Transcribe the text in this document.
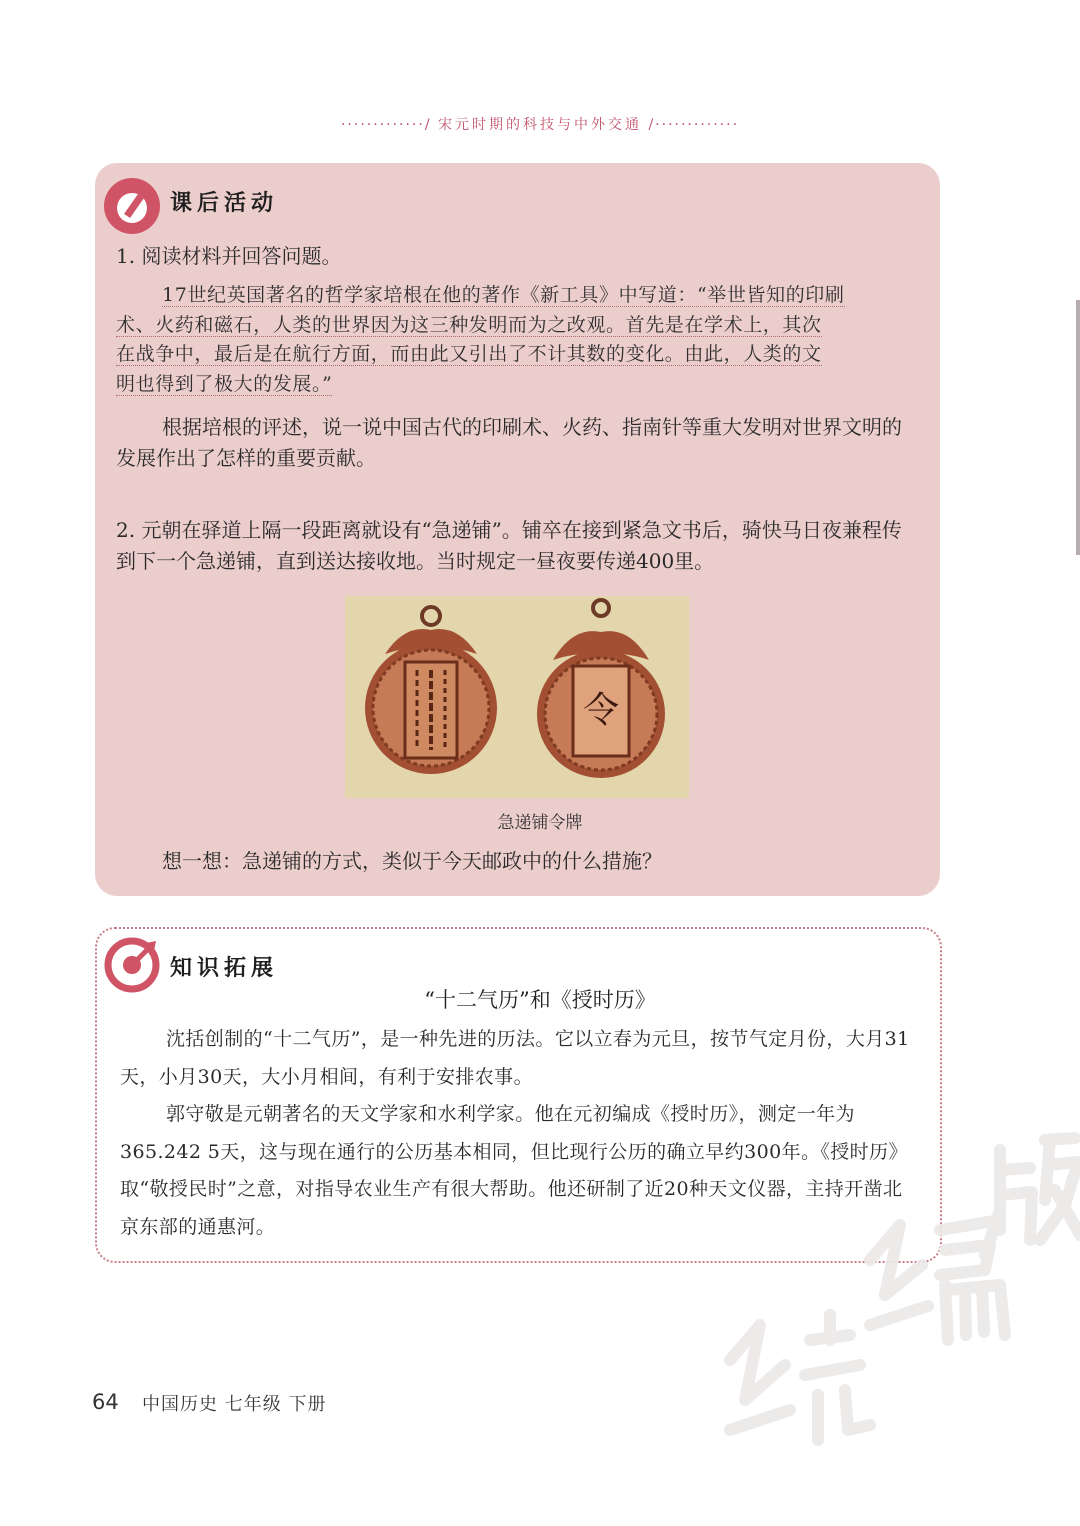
·············/ 宋元时期的科技与中外交通 /·············
课后活动
1. 阅读材料并回答问题。
17世纪英国著名的哲学家培根在他的著作《新工具》中写道：“举世皆知的印刷
术、火药和磁石，人类的世界因为这三种发明而为之改观。首先是在学术上，其次
在战争中，最后是在航行方面，而由此又引出了不计其数的变化。由此，人类的文
明也得到了极大的发展。”
根据培根的评述，说一说中国古代的印刷术、火药、指南针等重大发明对世界文明的发展作出了怎样的重要贡献。
2. 元朝在驿道上隔一段距离就设有“急递铺”。铺卒在接到紧急文书后，骑快马日夜兼程传到下一个急递铺，直到送达接收地。当时规定一昼夜要传递400里。
令
急递铺令牌
想一想：急递铺的方式，类似于今天邮政中的什么措施？
知识拓展
“十二气历”和《授时历》
沈括创制的“十二气历”，是一种先进的历法。它以立春为元旦，按节气定月份，大月31天，小月30天，大小月相间，有利于安排农事。
郭守敬是元朝著名的天文学家和水利学家。他在元初编成《授时历》，测定一年为365.242 5天，这与现在通行的公历基本相同，但比现行公历的确立早约300年。《授时历》取“敬授民时”之意，对指导农业生产有很大帮助。他还研制了近20种天文仪器，主持开凿北京东部的通惠河。
64 中国历史 七年级 下册
